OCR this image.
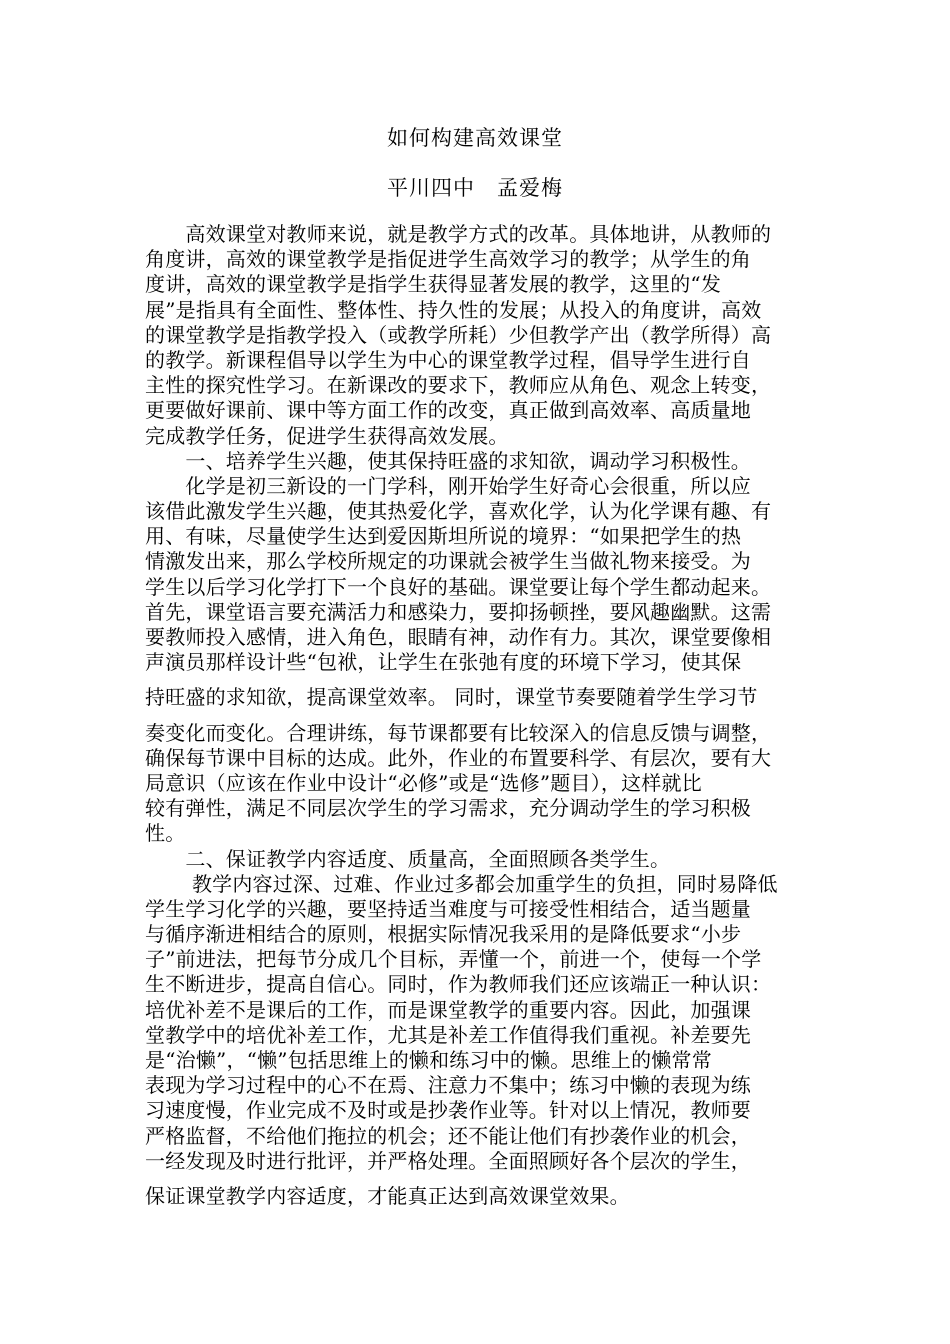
如何构建高效课堂
平川四中　孟爱梅
　　高效课堂对教师来说，就是教学方式的改革。具体地讲，从教师的
角度讲，高效的课堂教学是指促进学生高效学习的教学；从学生的角
度讲，高效的课堂教学是指学生获得显著发展的教学，这里的“发
展”是指具有全面性、整体性、持久性的发展；从投入的角度讲，高效
的课堂教学是指教学投入（或教学所耗）少但教学产出（教学所得）高
的教学。新课程倡导以学生为中心的课堂教学过程，倡导学生进行自
主性的探究性学习。在新课改的要求下，教师应从角色、观念上转变，
更要做好课前、课中等方面工作的改变，真正做到高效率、高质量地
完成教学任务，促进学生获得高效发展。
　　一、培养学生兴趣，使其保持旺盛的求知欲，调动学习积极性。
　　化学是初三新设的一门学科，刚开始学生好奇心会很重，所以应
该借此激发学生兴趣，使其热爱化学，喜欢化学，认为化学课有趣、有
用、有味，尽量使学生达到爱因斯坦所说的境界：“如果把学生的热
情激发出来，那么学校所规定的功课就会被学生当做礼物来接受。为
学生以后学习化学打下一个良好的基础。课堂要让每个学生都动起来。
首先，课堂语言要充满活力和感染力，要抑扬顿挫，要风趣幽默。这需
要教师投入感情，进入角色，眼睛有神，动作有力。其次，课堂要像相
声演员那样设计些“包袱，让学生在张弛有度的环境下学习，使其保
持旺盛的求知欲，提高课堂效率。 同时，课堂节奏要随着学生学习节
奏变化而变化。合理讲练，每节课都要有比较深入的信息反馈与调整，
确保每节课中目标的达成。此外，作业的布置要科学、有层次，要有大
局意识（应该在作业中设计“必修”或是“选修”题目），这样就比
较有弹性，满足不同层次学生的学习需求，充分调动学生的学习积极
性。
　　二、保证教学内容适度、质量高，全面照顾各类学生。
　　 教学内容过深、过难、作业过多都会加重学生的负担，同时易降低
学生学习化学的兴趣，要坚持适当难度与可接受性相结合，适当题量
与循序渐进相结合的原则，根据实际情况我采用的是降低要求“小步
子”前进法，把每节分成几个目标，弄懂一个，前进一个，使每一个学
生不断进步，提高自信心。同时，作为教师我们还应该端正一种认识：
培优补差不是课后的工作，而是课堂教学的重要内容。因此，加强课
堂教学中的培优补差工作，尤其是补差工作值得我们重视。补差要先
是“治懒”，“懒”包括思维上的懒和练习中的懒。思维上的懒常常
表现为学习过程中的心不在焉、注意力不集中；练习中懒的表现为练
习速度慢，作业完成不及时或是抄袭作业等。针对以上情况，教师要
严格监督，不给他们拖拉的机会；还不能让他们有抄袭作业的机会，
一经发现及时进行批评，并严格处理。全面照顾好各个层次的学生，
保证课堂教学内容适度，才能真正达到高效课堂效果。
